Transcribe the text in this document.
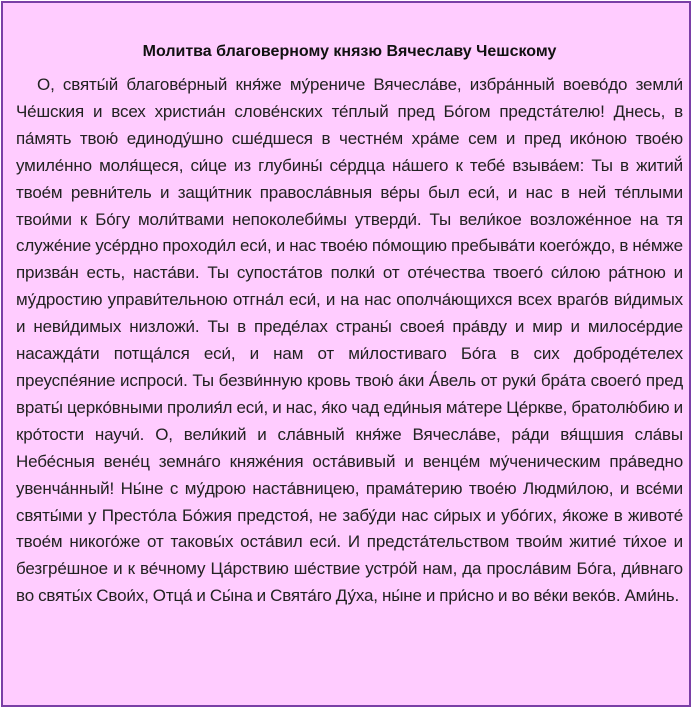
Молитва благоверному князю Вячеславу Чешскому

О, святы́й благове́рный кня́же му́рениче Вячесла́ве, избра́нный воево́до земли́ Че́шския и всех христиа́н слове́нских те́плый пред Бо́гом предста́телю! Днесь, в па́мять твою́ единоду́шно сше́дшеся в честне́м хра́ме сем и пред ико́ною твое́ю умиле́нно моля́щеся, си́це из глубины́ се́рдца на́шего к тебе́ взыва́ем: Ты в житий́ твое́м ревни́тель и защи́тник правосла́вныя ве́ры был еси́, и нас в ней те́плыми твои́ми к Бо́гу моли́твами непоколеби́мы утверди́. Ты вели́кое возложе́нное на тя служе́ние усе́рдно проходи́л еси́, и нас твое́ю по́мощию пребыва́ти коего́ждо, в не́мже призва́н есть, наста́ви. Ты супоста́тов полки́ от оте́чества твоего́ си́лою ра́тною и му́дростию управи́тельною отгна́л еси́, и на нас ополча́ющихся всех враго́в ви́димых и неви́димых низложи́. Ты в преде́лах страны́ своея́ пра́вду и мир и милосе́рдие насажда́ти потща́лся еси́, и нам от ми́лостиваго Бо́га в сих доброде́телех преуспе́яние испроси́. Ты безви́нную кровь твою́ а́ки А́вель от руки́ бра́та своего́ пред враты́ церко́вными пролия́л еси́, и нас, я́ко чад еди́ныя ма́тере Це́ркве, братолю́бию и кро́тости научи́. О, вели́кий и сла́вный кня́же Вячесла́ве, ра́ди вя́щшия сла́вы Небе́сныя вене́ц земна́го княже́ния оста́вивый и венце́м му́ченическим пра́ведно увенча́нный! Ны́не с му́дрою наста́вницею, прама́терию твое́ю Людми́лою, и все́ми святы́ми у Престо́ла Бо́жия предстоя́, не забу́ди нас си́рых и убо́гих, я́коже в животе́ твое́м никого́же от таковы́х оста́вил еси́. И предста́тельством твои́м житие́ ти́хое и безгре́шное и к ве́чному Ца́рствию ше́ствие устро́й нам, да просла́вим Бо́га, ди́внаго во святы́х Свои́х, Отца́ и Сы́на и Свята́го Ду́ха, ны́не и при́сно и во ве́ки веко́в. Ами́нь.
